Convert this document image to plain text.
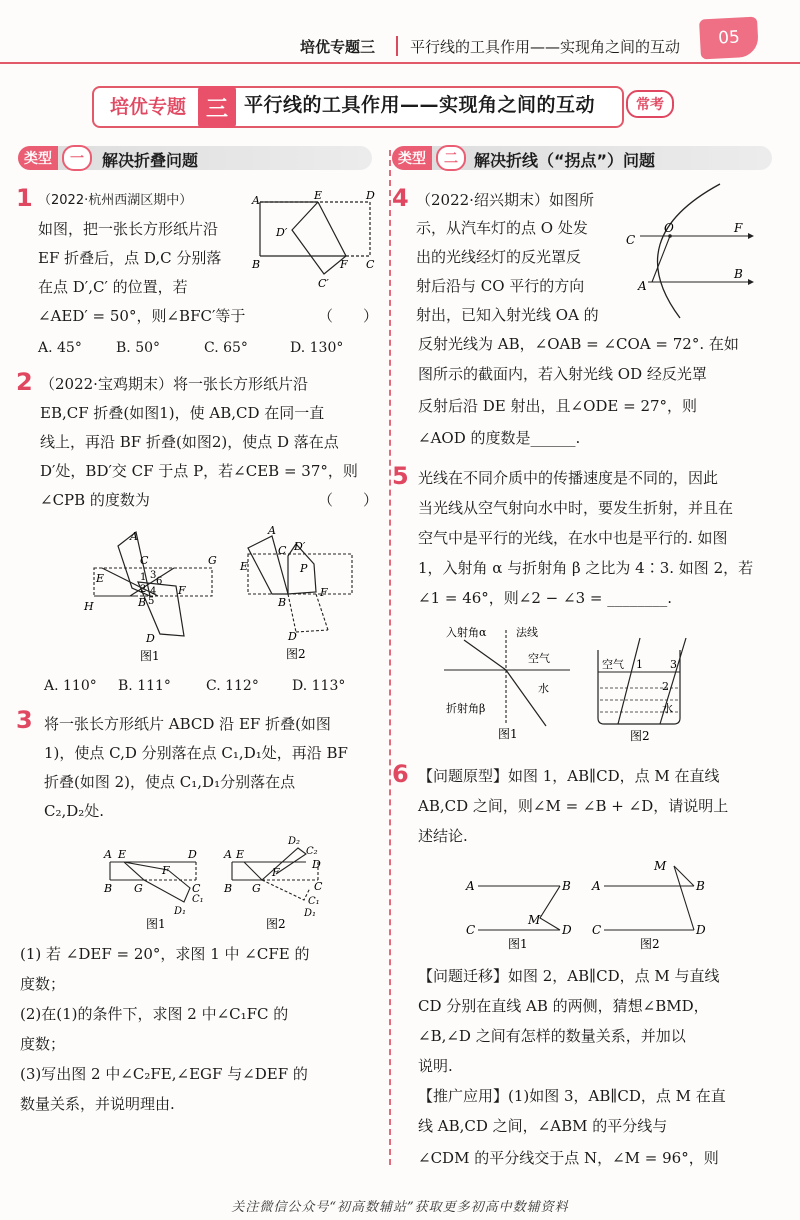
培优专题三 平行线的工具作用——实现角之间的互动	05
培优专题 三 平行线的工具作用——实现角之间的互动	常考
类型	一	解决折叠问题	类型	二	解决折线（“拐点”）问题
1 （2022·杭州西湖区期中）
如图，把一张长方形纸片沿
EF 折叠后，点 D,C 分别落
在点 D′,C′ 的位置，若
∠AED′ = 50°，则∠BFC′等于	（　　）
A. 45° B. 50°	C. 65°	D. 130°
A	E	D
D′
B	F C
C′
2 （2022·宝鸡期末）将一张长方形纸片沿
EB,CF 折叠(如图1)，使 AB,CD 在同一直
线上，再沿 BF 折叠(如图2)，使点 D 落在点
D′处，BD′交 CF 于点 P，若∠CEB = 37°，则
∠CPB 的度数为	（　　）
A
C	G
E	1 3
6
2 4
5
B
F
H
D
图1
A
C D′
E	P
B
F
D
图2
A. 110° B. 111°	C. 112° D. 113°
3 将一张长方形纸片 ABCD 沿 EF 折叠(如图
1)，使点 C,D 分别落在点 C₁,D₁处，再沿 BF
折叠(如图 2)，使点 C₁,D₁分别落在点
C₂,D₂处.
A E	D
F
B G	C
C₁
D₁
图1
A E
D₂
C₂
D
F
B G	C
C₁
D₁
图2
(1) 若 ∠DEF = 20°，求图 1 中 ∠CFE 的
度数；
(2)在(1)的条件下，求图 2 中∠C₁FC 的
度数；
(3)写出图 2 中∠C₂FE,∠EGF 与∠DEF 的
数量关系，并说明理由.
4 （2022·绍兴期末）如图所
示，从汽车灯的点 O 处发
出的光线经灯的反光罩反
射后沿与 CO 平行的方向
射出，已知入射光线 OA 的
反射光线为 AB，∠OAB = ∠COA = 72°. 在如
图所示的截面内，若入射光线 OD 经反光罩
反射后沿 DE 射出，且∠ODE = 27°，则
∠AOD 的度数是______.
C
O	F
B
A
5 光线在不同介质中的传播速度是不同的，因此
当光线从空气射向水中时，要发生折射，并且在
空气中是平行的光线，在水中也是平行的. 如图
1，入射角 α 与折射角 β 之比为 4∶3. 如图 2，若
∠1 = 46°，则∠2 − ∠3 = ________.
入射角α	法线
空气
水
折射角β
图1
空气 1 3
2
水
图2
6 【问题原型】如图 1，AB∥CD，点 M 在直线
AB,CD 之间，则∠M = ∠B + ∠D，请说明上
述结论.
A	B
C
M
D
图1
M
A	B
C	D
图2
【问题迁移】如图 2，AB∥CD，点 M 与直线
CD 分别在直线 AB 的两侧，猜想∠BMD，
∠B,∠D 之间有怎样的数量关系，并加以
说明.
【推广应用】(1)如图 3，AB∥CD，点 M 在直
线 AB,CD 之间，∠ABM 的平分线与
∠CDM 的平分线交于点 N，∠M = 96°，则
关注微信公众号“初高数辅站”获取更多初高中数辅资料
